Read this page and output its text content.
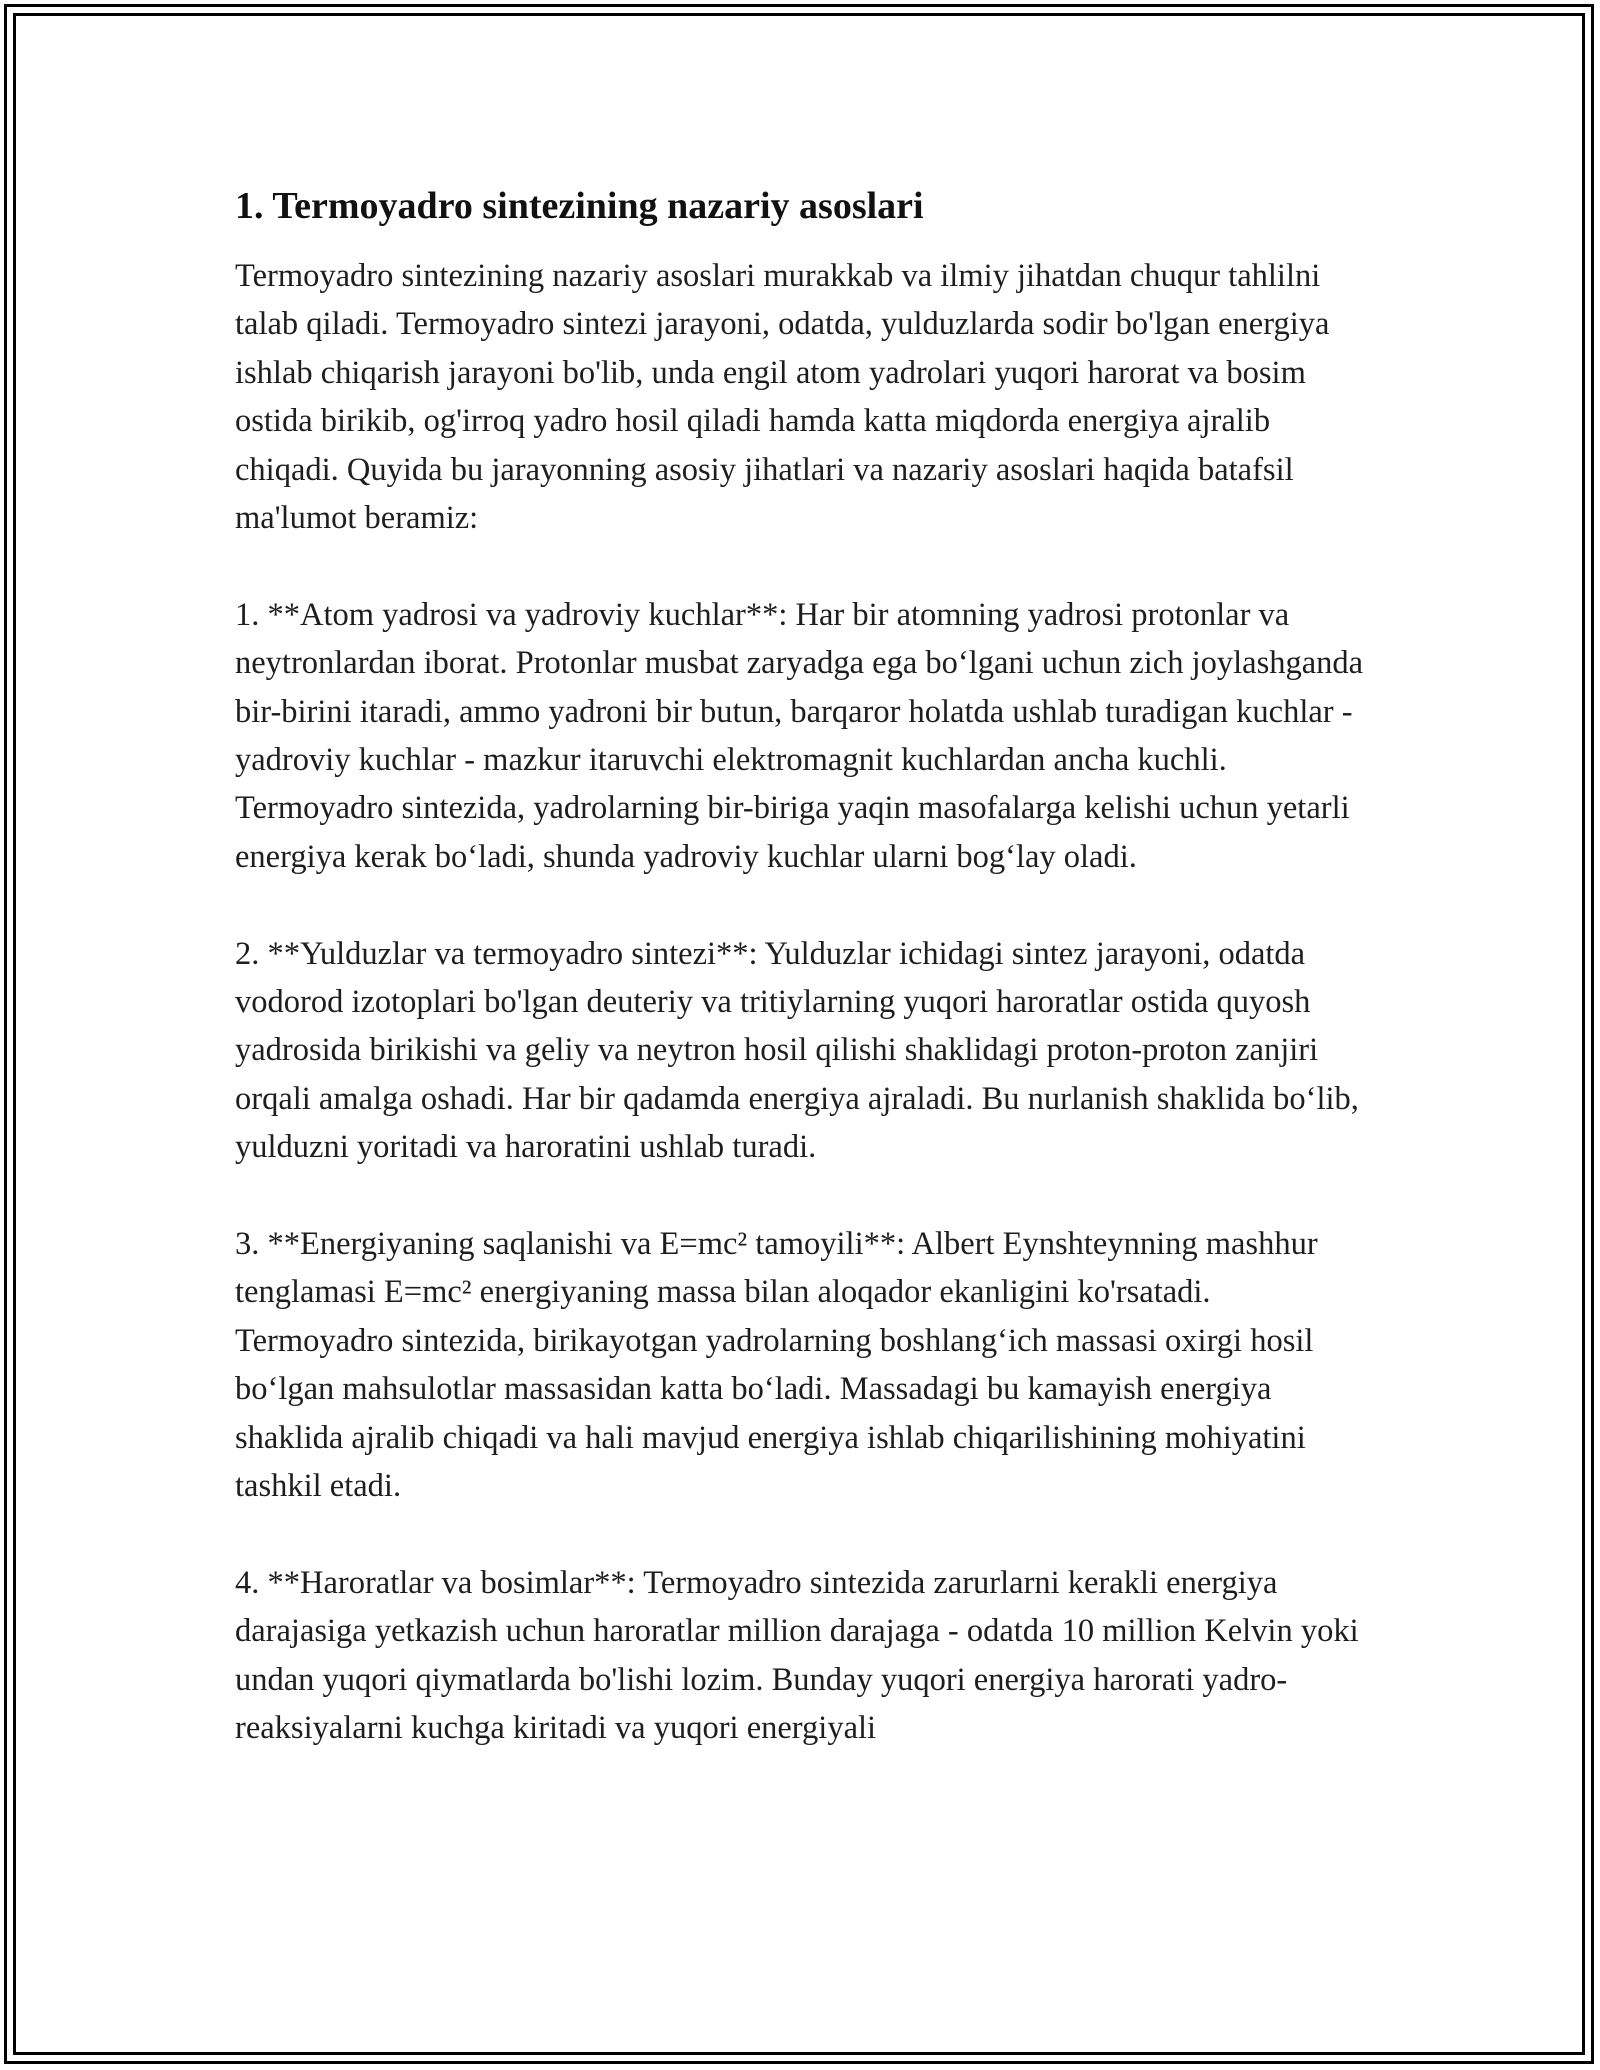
1. Termoyadro sintezining nazariy asoslari

Termoyadro sintezining nazariy asoslari murakkab va ilmiy jihatdan chuqur tahlilni talab qiladi. Termoyadro sintezi jarayoni, odatda, yulduzlarda sodir bo'lgan energiya ishlab chiqarish jarayoni bo'lib, unda engil atom yadrolari yuqori harorat va bosim ostida birikib, og'irroq yadro hosil qiladi hamda katta miqdorda energiya ajralib chiqadi. Quyida bu jarayonning asosiy jihatlari va nazariy asoslari haqida batafsil ma'lumot beramiz:

1. **Atom yadrosi va yadroviy kuchlar**: Har bir atomning yadrosi protonlar va neytronlardan iborat. Protonlar musbat zaryadga ega bo‘lgani uchun zich joylashganda bir-birini itaradi, ammo yadroni bir butun, barqaror holatda ushlab turadigan kuchlar - yadroviy kuchlar - mazkur itaruvchi elektromagnit kuchlardan ancha kuchli. Termoyadro sintezida, yadrolarning bir-biriga yaqin masofalarga kelishi uchun yetarli energiya kerak bo‘ladi, shunda yadroviy kuchlar ularni bog‘lay oladi.

2. **Yulduzlar va termoyadro sintezi**: Yulduzlar ichidagi sintez jarayoni, odatda vodorod izotoplari bo'lgan deuteriy va tritiylarning yuqori haroratlar ostida quyosh yadrosida birikishi va geliy va neytron hosil qilishi shaklidagi proton-proton zanjiri orqali amalga oshadi. Har bir qadamda energiya ajraladi. Bu nurlanish shaklida bo‘lib, yulduzni yoritadi va haroratini ushlab turadi.

3. **Energiyaning saqlanishi va E=mc² tamoyili**: Albert Eynshteynning mashhur tenglamasi E=mc² energiyaning massa bilan aloqador ekanligini ko'rsatadi. Termoyadro sintezida, birikayotgan yadrolarning boshlang‘ich massasi oxirgi hosil bo‘lgan mahsulotlar massasidan katta bo‘ladi. Massadagi bu kamayish energiya shaklida ajralib chiqadi va hali mavjud energiya ishlab chiqarilishining mohiyatini tashkil etadi.

4. **Haroratlar va bosimlar**: Termoyadro sintezida zarurlarni kerakli energiya darajasiga yetkazish uchun haroratlar million darajaga - odatda 10 million Kelvin yoki undan yuqori qiymatlarda bo'lishi lozim. Bunday yuqori energiya harorati yadro-reaksiyalarni kuchga kiritadi va yuqori energiyali
